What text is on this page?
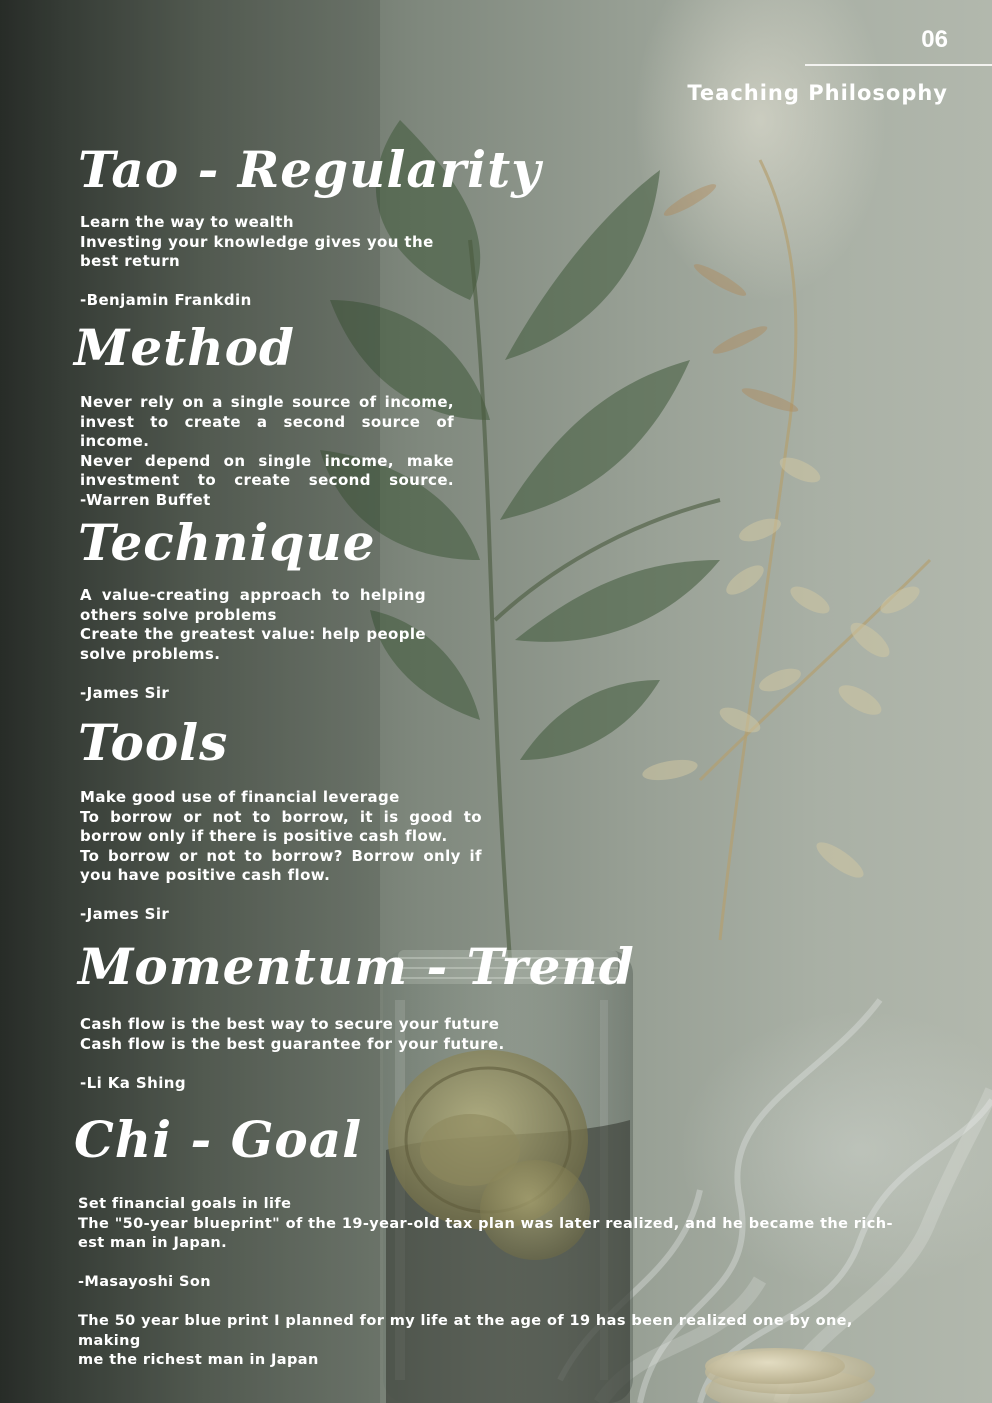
06
Teaching Philosophy
Tao - Regularity
Learn the way to wealth
Investing your knowledge gives you the
best return
-Benjamin Frankdin
Method
Never rely on a single source of income,
invest to create a second source of income.
Never depend on single income, make
investment to create second source.
-Warren Buffet
Technique
A value-creating approach to helping
others solve problems
Create the greatest value: help people
solve problems.
-James Sir
Tools
Make good use of financial leverage
To borrow or not to borrow, it is good to
borrow only if there is positive cash flow.
To borrow or not to borrow? Borrow only if
you have positive cash flow.
-James Sir
Momentum - Trend
Cash flow is the best way to secure your future
Cash flow is the best guarantee for your future.
-Li Ka Shing
Chi - Goal
Set financial goals in life
The "50-year blueprint" of the 19-year-old tax plan was later realized, and he became the rich-
est man in Japan.
-Masayoshi Son
The 50 year blue print I planned for my life at the age of 19 has been realized one by one, making
me the richest man in Japan
